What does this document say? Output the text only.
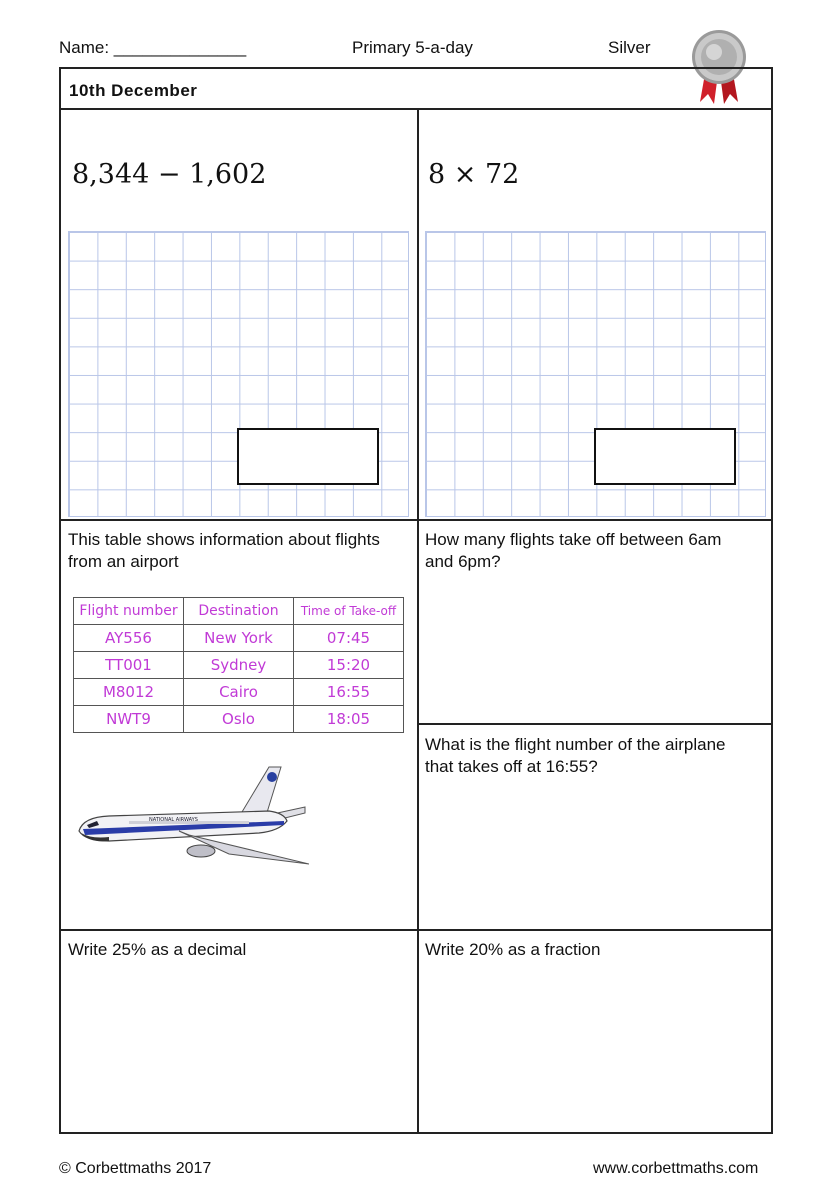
Name: ______________	Primary 5-a-day	Silver
10th December
8,344 − 1,602	8 × 72
This table shows information about flights
from an airport
Flight number	Destination	Time of Take-off
AY556	New York	07:45
TT001	Sydney	15:20
M8012	Cairo	16:55
NWT9	Oslo	18:05
NATIONAL AIRWAYS
How many flights take off between 6am
and 6pm?
What is the flight number of the airplane
that takes off at 16:55?
Write 25% as a decimal	Write 20% as a fraction
© Corbettmaths 2017	www.corbettmaths.com
